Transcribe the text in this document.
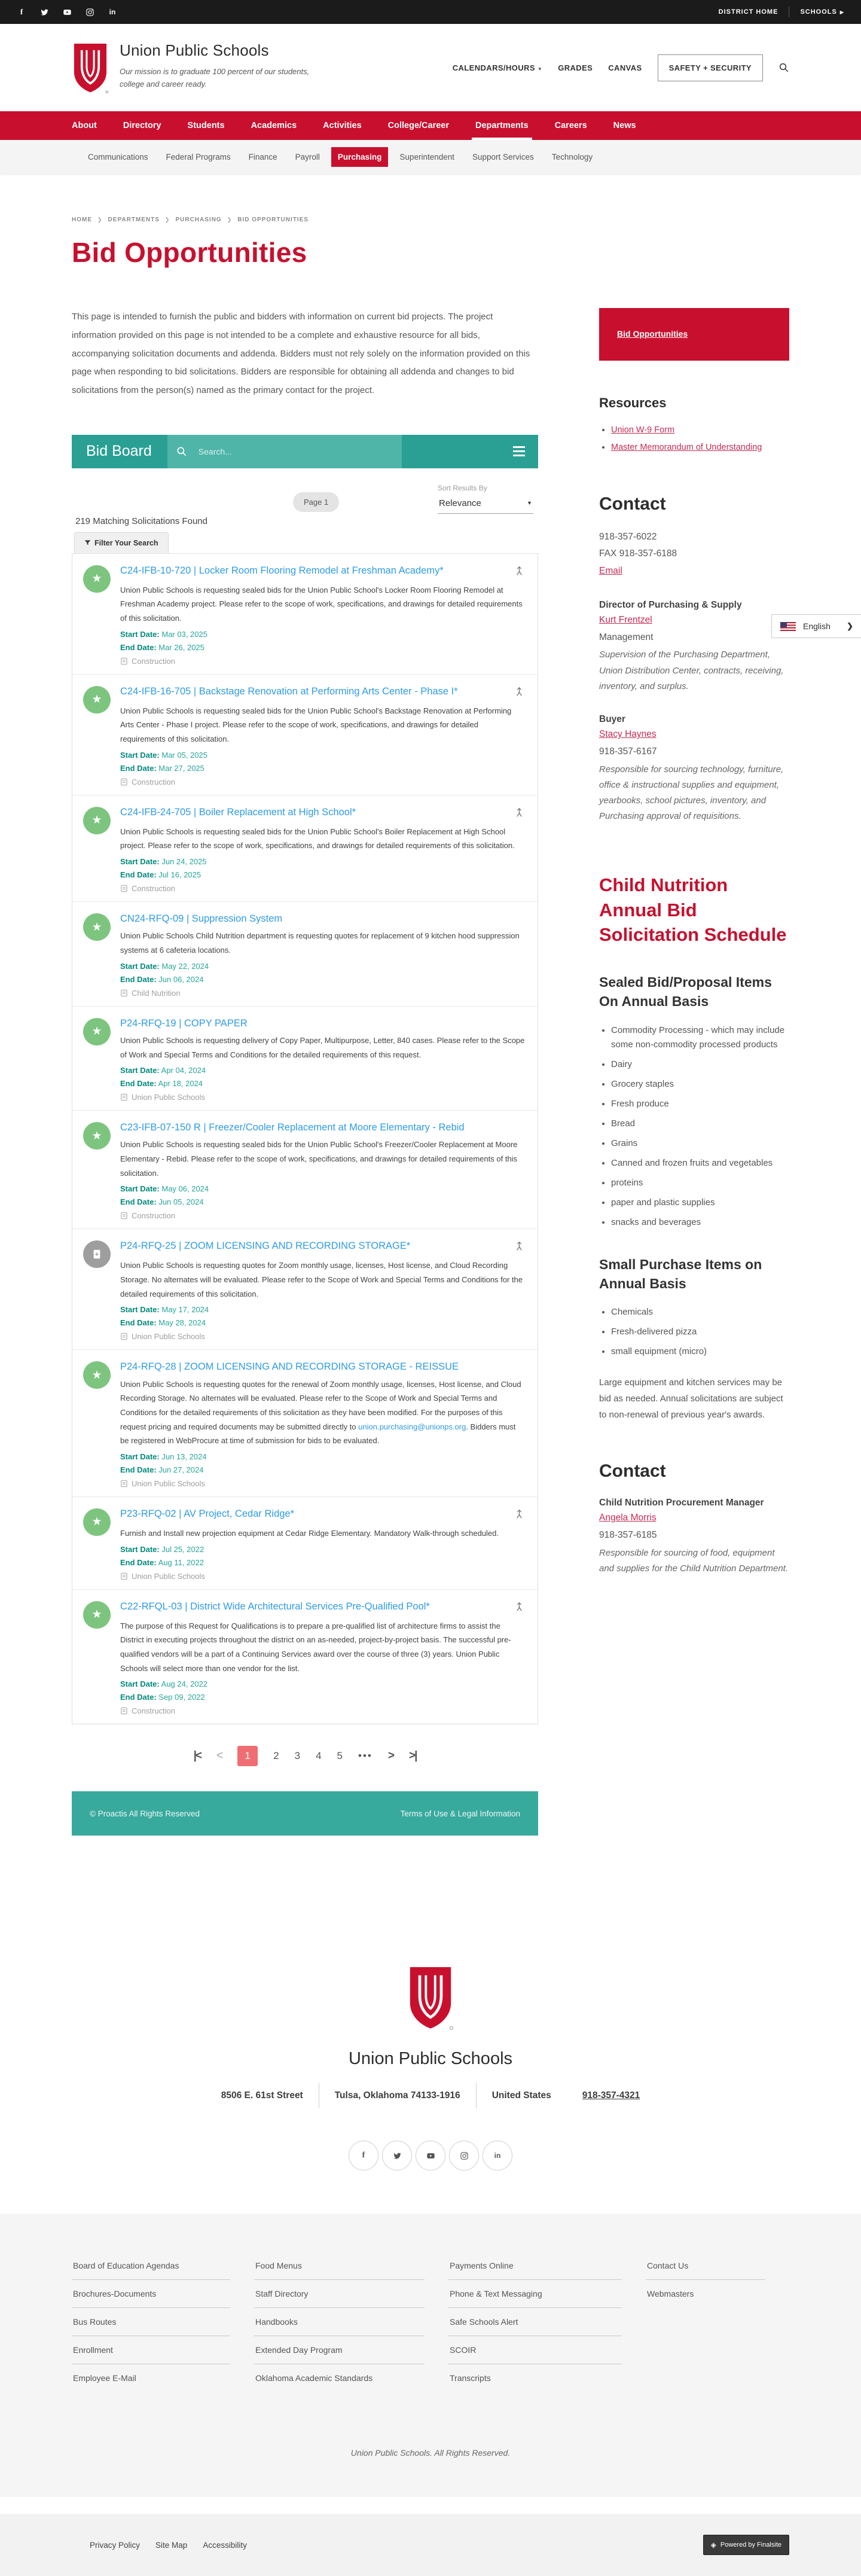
f	in	DISTRICT HOME	SCHOOLS ▶
R
Union Public Schools
Our mission is to graduate 100 percent of our students, college and career ready.
CALENDARS/HOURS ▼ GRADES CANVAS	SAFETY + SECURITY
About	Directory	Students	Academics	Activities	College/Career	Departments	Careers	News
Communications	Federal Programs	Finance	Payroll	Purchasing	Superintendent	Support Services	Technology
HOME ❯ DEPARTMENTS ❯ PURCHASING ❯ BID OPPORTUNITIES
Bid Opportunities

This page is intended to furnish the public and bidders with information on current bid projects. The project information provided on this page is not intended to be a complete and exhaustive resource for all bids, accompanying solicitation documents and addenda. Bidders must not rely solely on the information provided on this page when responding to bid solicitations. Bidders are responsible for obtaining all addenda and changes to bid solicitations from the person(s) named as the primary contact for the project.

Bid Board	Search...
Sort Results By
Relevance	▼
Page 1
219 Matching Solicitations Found
Filter Your Search
★
C24-IFB-10-720 | Locker Room Flooring Remodel at Freshman Academy*

Union Public Schools is requesting sealed bids for the Union Public School's Locker Room Flooring Remodel at Freshman Academy project. Please refer to the scope of work, specifications, and drawings for detailed requirements of this solicitation.

Start Date: Mar 03, 2025
End Date: Mar 26, 2025
Construction
★
C24-IFB-16-705 | Backstage Renovation at Performing Arts Center - Phase I*

Union Public Schools is requesting sealed bids for the Union Public School's Backstage Renovation at Performing Arts Center - Phase I project. Please refer to the scope of work, specifications, and drawings for detailed requirements of this solicitation.

Start Date: Mar 05, 2025
End Date: Mar 27, 2025
Construction
★
C24-IFB-24-705 | Boiler Replacement at High School*

Union Public Schools is requesting sealed bids for the Union Public School's Boiler Replacement at High School project. Please refer to the scope of work, specifications, and drawings for detailed requirements of this solicitation.

Start Date: Jun 24, 2025
End Date: Jul 16, 2025
Construction
★
CN24-RFQ-09 | Suppression System

Union Public Schools Child Nutrition department is requesting quotes for replacement of 9 kitchen hood suppression systems at 6 cafeteria locations.

Start Date: May 22, 2024
End Date: Jun 06, 2024
Child Nutrition
★
P24-RFQ-19 | COPY PAPER

Union Public Schools is requesting delivery of Copy Paper, Multipurpose, Letter, 840 cases. Please refer to the Scope of Work and Special Terms and Conditions for the detailed requirements of this request.

Start Date: Apr 04, 2024
End Date: Apr 18, 2024
Union Public Schools
★
C23-IFB-07-150 R | Freezer/Cooler Replacement at Moore Elementary - Rebid

Union Public Schools is requesting sealed bids for the Union Public School's Freezer/Cooler Replacement at Moore Elementary - Rebid. Please refer to the scope of work, specifications, and drawings for detailed requirements of this solicitation.

Start Date: May 06, 2024
End Date: Jun 05, 2024
Construction
P24-RFQ-25 | ZOOM LICENSING AND RECORDING STORAGE*

Union Public Schools is requesting quotes for Zoom monthly usage, licenses, Host license, and Cloud Recording Storage. No alternates will be evaluated. Please refer to the Scope of Work and Special Terms and Conditions for the detailed requirements of this solicitation.

Start Date: May 17, 2024
End Date: May 28, 2024
Union Public Schools
★
P24-RFQ-28 | ZOOM LICENSING AND RECORDING STORAGE - REISSUE

Union Public Schools is requesting quotes for the renewal of Zoom monthly usage, licenses, Host license, and Cloud Recording Storage. No alternates will be evaluated. Please refer to the Scope of Work and Special Terms and Conditions for the detailed requirements of this solicitation as they have been modified. For the purposes of this request pricing and required documents may be submitted directly to union.purchasing@unionps.org. Bidders must be registered in WebProcure at time of submission for bids to be evaluated.

Start Date: Jun 13, 2024
End Date: Jun 27, 2024
Union Public Schools
★
P23-RFQ-02 | AV Project, Cedar Ridge*

Furnish and Install new projection equipment at Cedar Ridge Elementary. Mandatory Walk-through scheduled.

Start Date: Jul 25, 2022
End Date: Aug 11, 2022
Union Public Schools
★
C22-RFQL-03 | District Wide Architectural Services Pre-Qualified Pool*

The purpose of this Request for Qualifications is to prepare a pre-qualified list of architecture firms to assist the District in executing projects throughout the district on an as-needed, project-by-project basis. The successful pre-qualified vendors will be a part of a Continuing Services award over the course of three (3) years. Union Public Schools will select more than one vendor for the list.

Start Date: Aug 24, 2022
End Date: Sep 09, 2022
Construction
|< <	1	2 3 4 5 ••• > >|
© Proactis All Rights Reserved	Terms of Use & Legal Information
Bid Opportunities
Resources
• Union W-9 Form
• Master Memorandum of Understanding
Contact
918-357-6022
FAX 918-357-6188
Email
Director of Purchasing & Supply
Kurt Frentzel
Management
Supervision of the Purchasing Department, Union Distribution Center, contracts, receiving, inventory, and surplus.
Buyer
Stacy Haynes
918-357-6167
Responsible for sourcing technology, furniture, office & instructional supplies and equipment, yearbooks, school pictures, inventory, and Purchasing approval of requisitions.
Child Nutrition Annual Bid Solicitation Schedule
Sealed Bid/Proposal Items On Annual Basis
• Commodity Processing - which may include some non-commodity processed products
• Dairy
• Grocery staples
• Fresh produce
• Bread
• Grains
• Canned and frozen fruits and vegetables
• proteins
• paper and plastic supplies
• snacks and beverages
Small Purchase Items on Annual Basis
• Chemicals
• Fresh-delivered pizza
• small equipment (micro)

Large equipment and kitchen services may be bid as needed. Annual solicitations are subject to non-renewal of previous year's awards.

Contact
Child Nutrition Procurement Manager
Angela Morris
918-357-6185
Responsible for sourcing of food, equipment and supplies for the Child Nutrition Department.
English	❯
Union Public Schools
8506 E. 61st Street	Tulsa, Oklahoma 74133-1916	United States	918-357-4321
f	in
Board of Education Agendas
Brochures-Documents
Bus Routes
Enrollment
Employee E-Mail
Food Menus
Staff Directory
Handbooks
Extended Day Program
Oklahoma Academic Standards
Payments Online
Phone & Text Messaging
Safe Schools Alert
SCOIR
Transcripts
Contact Us
Webmasters
Union Public Schools. All Rights Reserved.
Privacy Policy Site Map Accessibility	◈ Powered by Finalsite
